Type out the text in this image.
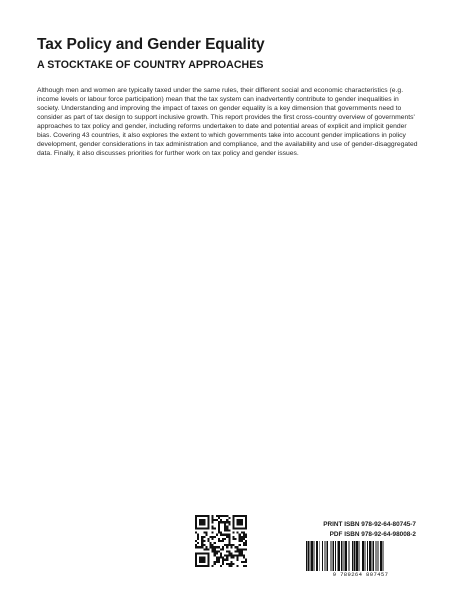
Tax Policy and Gender Equality
A STOCKTAKE OF COUNTRY APPROACHES

Although men and women are typically taxed under the same rules, their different social and economic characteristics (e.g. income levels or labour force participation) mean that the tax system can inadvertently contribute to gender inequalities in society. Understanding and improving the impact of taxes on gender equality is a key dimension that governments need to consider as part of tax design to support inclusive growth. This report provides the first cross-country overview of governments' approaches to tax policy and gender, including reforms undertaken to date and potential areas of explicit and implicit gender bias. Covering 43 countries, it also explores the extent to which governments take into account gender implications in policy development, gender considerations in tax administration and compliance, and the availability and use of gender-disaggregated data. Finally, it also discusses priorities for further work on tax policy and gender issues.

PRINT ISBN 978-92-64-80745-7
PDF ISBN 978-92-64-98008-2
9 789264 807457
